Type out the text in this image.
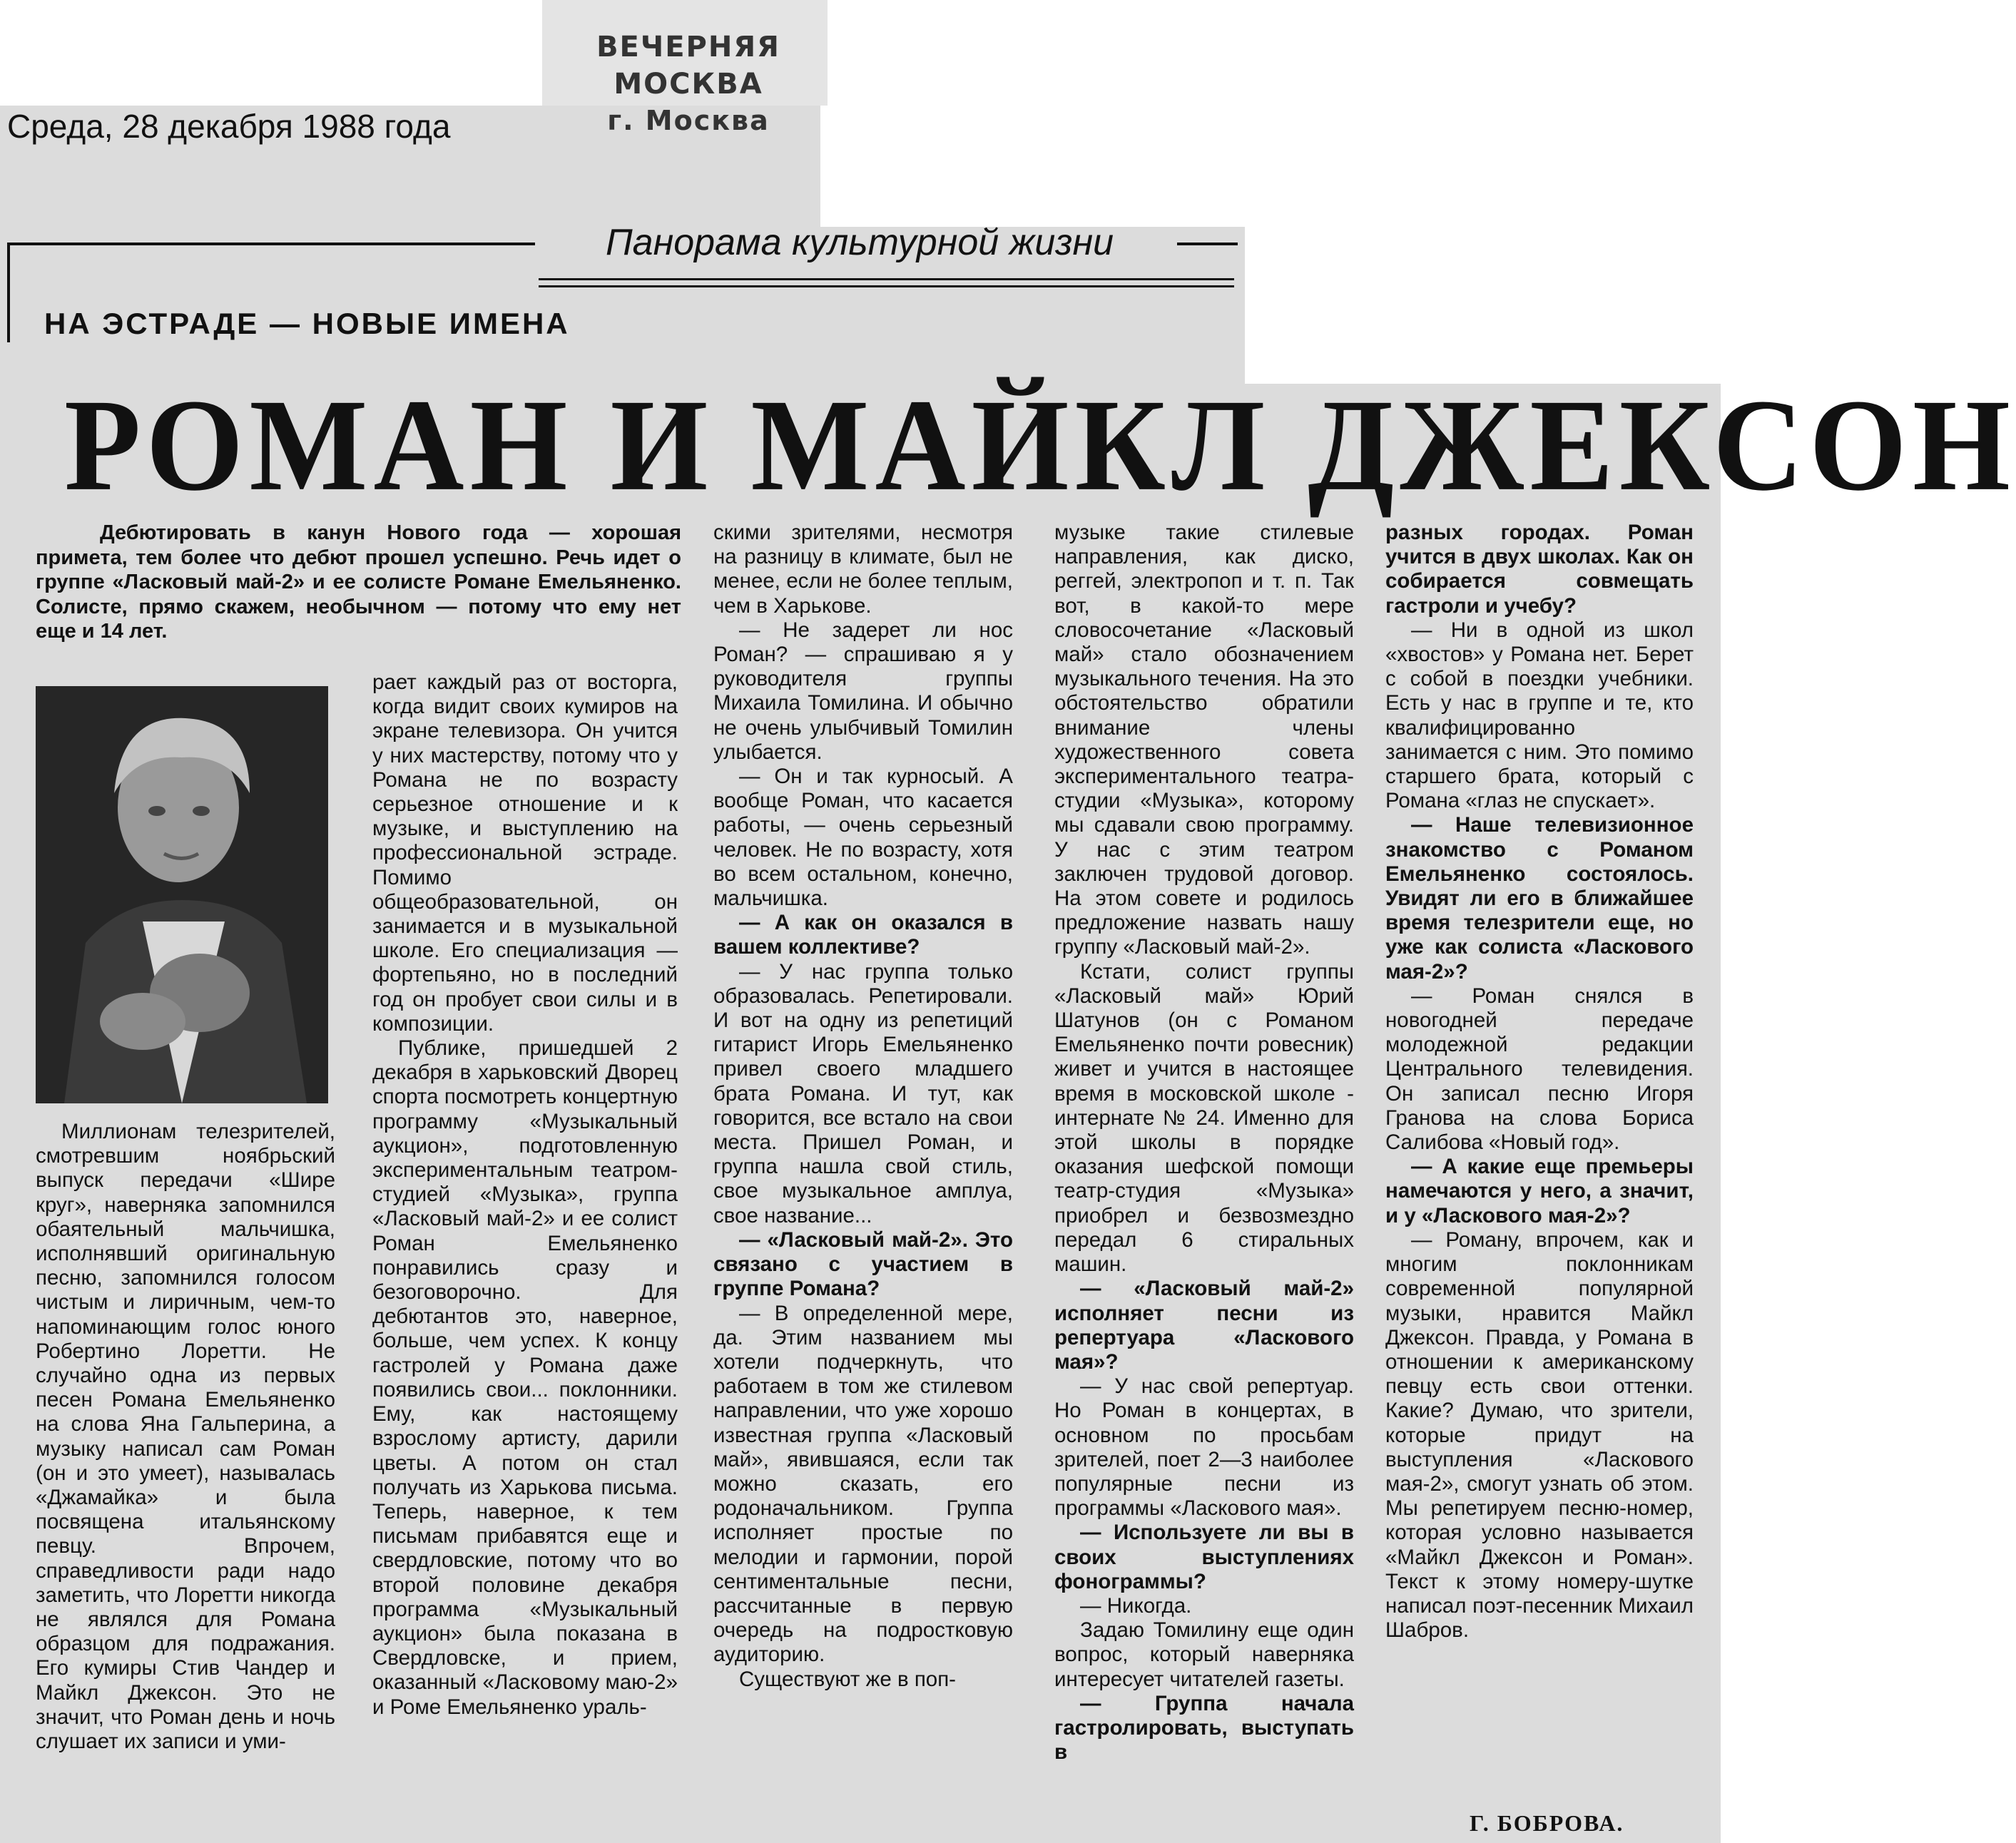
ВЕЧЕРНЯЯ МОСКВА
г. Москва
Среда, 28 декабря 1988 года
Панорама культурной жизни
НА ЭСТРАДЕ — НОВЫЕ ИМЕНА
РОМАН И МАЙКЛ ДЖЕКСОН
Дебютировать в канун Нового года — хорошая примета, тем более что дебют прошел успешно. Речь идет о группе «Ласковый май-2» и ее солисте Романе Емельяненко. Солисте, прямо скажем, необычном — потому что ему нет еще и 14 лет.

Миллионам телезрителей, смотревшим ноябрьский выпуск передачи «Шире круг», наверняка запомнился обаятельный мальчишка, исполнявший оригинальную песню, запомнился голосом чистым и лиричным, чем-то напоминающим голос юного Робертино Лоретти. Не случайно одна из первых песен Романа Емельяненко на слова Яна Гальперина, а музыку написал сам Роман (он и это умеет), называлась «Джамайка» и была посвящена итальянскому певцу. Впрочем, справедливости ради надо заметить, что Лоретти никогда не являлся для Романа образцом для подражания. Его кумиры Стив Чандер и Майкл Джексон. Это не значит, что Роман день и ночь слушает их записи и уми-

рает каждый раз от восторга, когда видит своих кумиров на экране телевизора. Он учится у них мастерству, потому что у Романа не по возрасту серьезное отношение и к музыке, и выступлению на профессиональной эстраде. Помимо общеобразовательной, он занимается и в музыкальной школе. Его специализация — фортепьяно, но в последний год он пробует свои силы и в композиции.

Публике, пришедшей 2 декабря в харьковский Дворец спорта посмотреть концертную программу «Музыкальный аукцион», подготовленную экспериментальным театром-студией «Музыка», группа «Ласковый май-2» и ее солист Роман Емельяненко понравились сразу и безоговорочно. Для дебютантов это, наверное, больше, чем успех. К концу гастролей у Романа даже появились свои... поклонники. Ему, как настоящему взрослому артисту, дарили цветы. А потом он стал получать из Харькова письма. Теперь, наверное, к тем письмам прибавятся еще и свердловские, потому что во второй половине декабря программа «Музыкальный аукцион» была показана в Свердловске, и прием, оказанный «Ласковому маю-2» и Роме Емельяненко ураль-

скими зрителями, несмотря на разницу в климате, был не менее, если не более теплым, чем в Харькове.

— Не задерет ли нос Роман? — спрашиваю я у руководителя группы Михаила Томилина. И обычно не очень улыбчивый Томилин улыбается.

— Он и так курносый. А вообще Роман, что касается работы, — очень серьезный человек. Не по возрасту, хотя во всем остальном, конечно, мальчишка.

— А как он оказался в вашем коллективе?

— У нас группа только образовалась. Репетировали. И вот на одну из репетиций гитарист Игорь Емельяненко привел своего младшего брата Романа. И тут, как говорится, все встало на свои места. Пришел Роман, и группа нашла свой стиль, свое музыкальное амплуа, свое название...

— «Ласковый май-2». Это связано с участием в группе Романа?

— В определенной мере, да. Этим названием мы хотели подчеркнуть, что работаем в том же стилевом направлении, что уже хорошо известная группа «Ласковый май», явившаяся, если так можно сказать, его родоначальником. Группа исполняет простые по мелодии и гармонии, порой сентиментальные песни, рассчитанные в первую очередь на подростковую аудиторию.

Существуют же в поп-

музыке такие стилевые направления, как диско, реггей, электропоп и т. п. Так вот, в какой-то мере словосочетание «Ласковый май» стало обозначением музыкального течения. На это обстоятельство обратили внимание члены художественного совета экспериментального театра-студии «Музыка», которому мы сдавали свою программу. У нас с этим театром заключен трудовой договор. На этом совете и родилось предложение назвать нашу группу «Ласковый май-2».

Кстати, солист группы «Ласковый май» Юрий Шатунов (он с Романом Емельяненко почти ровесник) живет и учится в настоящее время в московской школе - интернате № 24. Именно для этой школы в порядке оказания шефской помощи театр-студия «Музыка» приобрел и безвозмездно передал 6 стиральных машин.

— «Ласковый май-2» исполняет песни из репертуара «Ласкового мая»?

— У нас свой репертуар. Но Роман в концертах, в основном по просьбам зрителей, поет 2—3 наиболее популярные песни из программы «Ласкового мая».

— Используете ли вы в своих выступлениях фонограммы?

— Никогда.

Задаю Томилину еще один вопрос, который наверняка интересует читателей газеты.

— Группа начала гастролировать, выступать в

разных городах. Роман учится в двух школах. Как он собирается совмещать гастроли и учебу?

— Ни в одной из школ «хвостов» у Романа нет. Берет с собой в поездки учебники. Есть у нас в группе и те, кто квалифицированно занимается с ним. Это помимо старшего брата, который с Романа «глаз не спускает».

— Наше телевизионное знакомство с Романом Емельяненко состоялось. Увидят ли его в ближайшее время телезрители еще, но уже как солиста «Ласкового мая-2»?

— Роман снялся в новогодней передаче молодежной редакции Центрального телевидения. Он записал песню Игоря Гранова на слова Бориса Салибова «Новый год».

— А какие еще премьеры намечаются у него, а значит, и у «Ласкового мая-2»?

— Роману, впрочем, как и многим поклонникам современной популярной музыки, нравится Майкл Джексон. Правда, у Романа в отношении к американскому певцу есть свои оттенки. Какие? Думаю, что зрители, которые придут на выступления «Ласкового мая-2», смогут узнать об этом. Мы репетируем песню-номер, которая условно называется «Майкл Джексон и Роман». Текст к этому номеру-шутке написал поэт-песенник Михаил Шабров.

Г. БОБРОВА.
